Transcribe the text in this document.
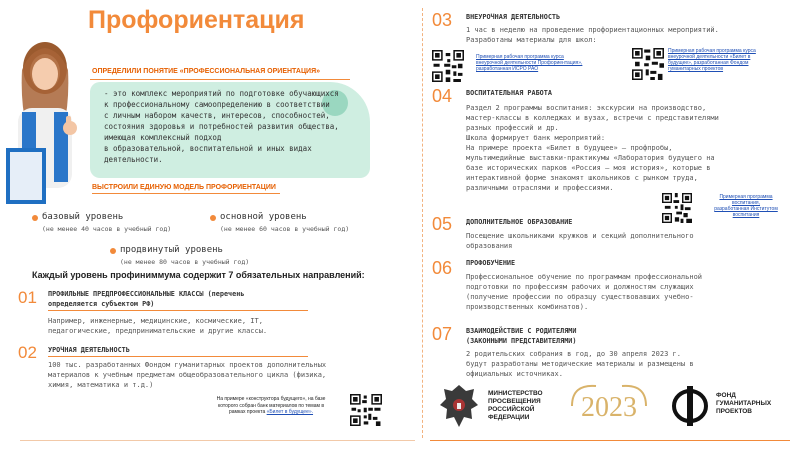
Профориентация
ОПРЕДЕЛИЛИ ПОНЯТИЕ «ПРОФЕССИОНАЛЬНАЯ ОРИЕНТАЦИЯ»
- это комплекс мероприятий по подготовке обучающихся
к профессиональному самоопределению в соответствии
с личным набором качеств, интересов, способностей,
состояния здоровья и потребностей развития общества,
имеющая комплексный подход
в образовательной, воспитательной и иных видах
деятельности.
ВЫСТРОИЛИ ЕДИНУЮ МОДЕЛЬ ПРОФОРИЕНТАЦИИ
базовый уровень
(не менее 40 часов в учебный год)
основной уровень
(не менее 60 часов в учебный год)
продвинутый уровень
(не менее 80 часов в учебный год)
Каждый уровень профиниммума содержит 7 обязательных направлений:
01 ПРОФИЛЬНЫЕ ПРЕДПРОФЕССИОНАЛЬНЫЕ КЛАССЫ (перечень
определяется субъектом РФ)
Например, инженерные, медицинские, космические, IT,
педагогические, предпринимательские и другие классы.
02 УРОЧНАЯ ДЕЯТЕЛЬНОСТЬ
100 тыс. разработанных Фондом гуманитарных проектов дополнительных
материалов к учебным предметам общеобразовательного цикла (физика,
химия, математика и т.д.)
На примере «конструктора будущего», на базе
которого собран банк материалов по темам в
рамках проекта «Билет в будущее».
03 ВНЕУРОЧНАЯ ДЕЯТЕЛЬНОСТЬ
1 час в неделю на проведение профориентационных мероприятий.
Разработаны материалы для школ:
Примерная рабочая программа курса
внеурочной деятельности Профориентация»,
разработанная ИСРО РАО
Примерная рабочая программа курса
внеурочной деятельности «Билет в
будущее», разработанная Фондом
гуманитарных проектов
04 ВОСПИТАТЕЛЬНАЯ РАБОТА
Раздел 2 программы воспитания: экскурсии на производство,
мастер-классы в колледжах и вузах, встречи с представителями
разных профессий и др.
Школа формирует банк мероприятий:
На примере проекта «Билет в будущее» – профпробы,
мультимедийные выставки-практикумы «Лаборатория будущего на
базе исторических парков «Россия – моя история», которые в
интерактивной форме знакомят школьников с рынком труда,
различными отраслями и профессиями.
Примерная программа
воспитания,
разработанная Институтом
воспитания
05 ДОПОЛНИТЕЛЬНОЕ ОБРАЗОВАНИЕ
Посещение школьниками кружков и секций дополнительного
образования
06 ПРОФОБУЧЕНИЕ
Профессиональное обучение по программам профессиональной
подготовки по профессиям рабочих и должностям служащих
(получение профессии по образцу существовавших учебно-
производственных комбинатов).
07 ВЗАИМОДЕЙСТВИЕ С РОДИТЕЛЯМИ
(ЗАКОННЫМИ ПРЕДСТАВИТЕЛЯМИ)
2 родительских собрания в год, до 30 апреля 2023 г.
будут разработаны методические материалы и размещены в
официальных источниках.
МИНИСТЕРСТВО
ПРОСВЕЩЕНИЯ
РОССИЙСКОЙ
ФЕДЕРАЦИИ	2023	ФОНД
ГУМАНИТАРНЫХ
ПРОЕКТОВ
